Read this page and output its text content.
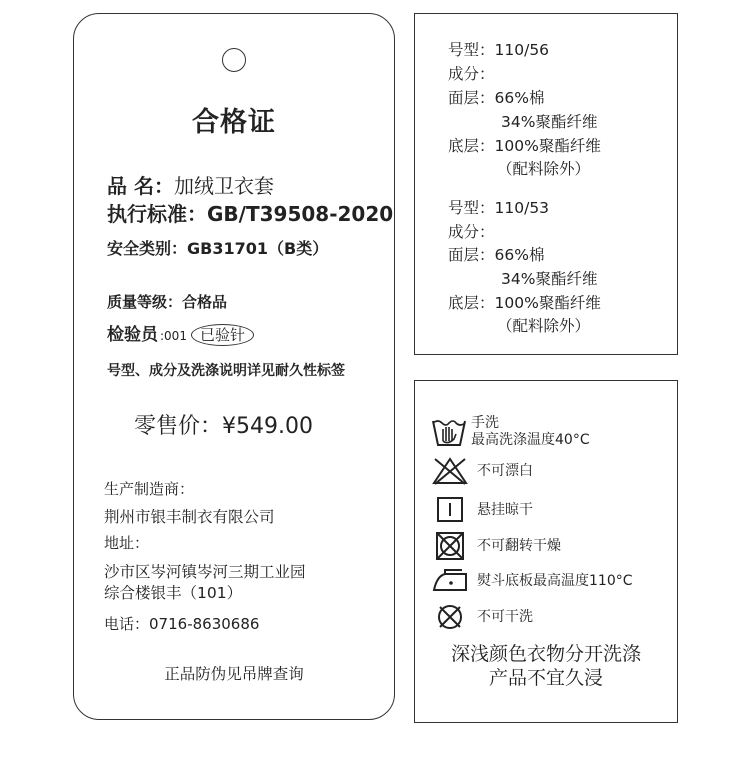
合格证
品 名：加绒卫衣套
执行标准：GB/T39508-2020
安全类别：GB31701（B类）
质量等级：合格品
检验员 :001 已验针
号型、成分及洗涤说明详见耐久性标签
零售价：¥549.00
生产制造商：
荆州市银丰制衣有限公司
地址：
沙市区岑河镇岑河三期工业园
综合楼银丰（101）
电话：0716-8630686
正品防伪见吊牌查询
号型：110/56
成分：
面层：66%棉
34%聚酯纤维
底层：100%聚酯纤维
（配料除外）
号型：110/53
成分：
面层：66%棉
34%聚酯纤维
底层：100%聚酯纤维
（配料除外）
手洗
最高洗涤温度40°C
不可漂白
悬挂晾干
不可翻转干燥
熨斗底板最高温度110°C
不可干洗
深浅颜色衣物分开洗涤
产品不宜久浸
